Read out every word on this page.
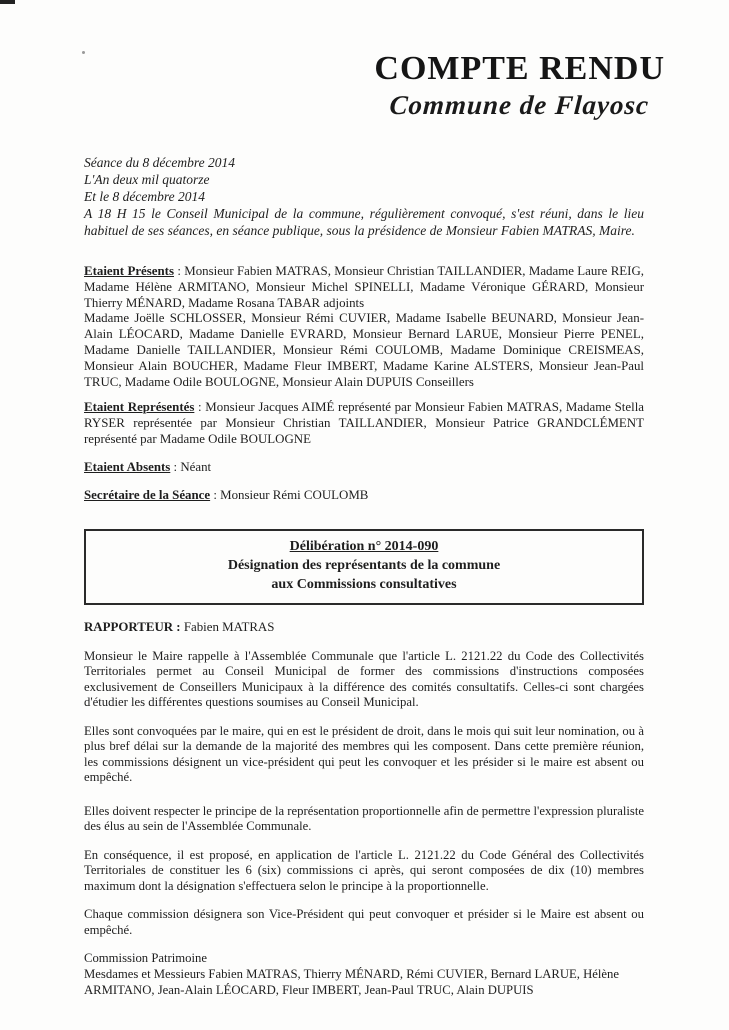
COMPTE RENDU
Commune de Flayosc
Séance du 8 décembre 2014
L'An deux mil quatorze
Et le 8 décembre 2014
A 18 H 15 le Conseil Municipal de la commune, régulièrement convoqué, s'est réuni, dans le lieu habituel de ses séances, en séance publique, sous la présidence de Monsieur Fabien MATRAS, Maire.

Etaient Présents : Monsieur Fabien MATRAS, Monsieur Christian TAILLANDIER, Madame Laure REIG, Madame Hélène ARMITANO, Monsieur Michel SPINELLI, Madame Véronique GÉRARD, Monsieur Thierry MÉNARD, Madame Rosana TABAR adjoints

Madame Joëlle SCHLOSSER, Monsieur Rémi CUVIER, Madame Isabelle BEUNARD, Monsieur Jean-Alain LÉOCARD, Madame Danielle EVRARD, Monsieur Bernard LARUE, Monsieur Pierre PENEL, Madame Danielle TAILLANDIER, Monsieur Rémi COULOMB, Madame Dominique CREISMEAS, Monsieur Alain BOUCHER, Madame Fleur IMBERT, Madame Karine ALSTERS, Monsieur Jean-Paul TRUC, Madame Odile BOULOGNE, Monsieur Alain DUPUIS Conseillers

Etaient Représentés : Monsieur Jacques AIMÉ représenté par Monsieur Fabien MATRAS, Madame Stella RYSER représentée par Monsieur Christian TAILLANDIER, Monsieur Patrice GRANDCLÉMENT représenté par Madame Odile BOULOGNE

Etaient Absents : Néant

Secrétaire de la Séance : Monsieur Rémi COULOMB

Délibération n° 2014-090
Désignation des représentants de la commune
aux Commissions consultatives

RAPPORTEUR : Fabien MATRAS

Monsieur le Maire rappelle à l'Assemblée Communale que l'article L. 2121.22 du Code des Collectivités Territoriales permet au Conseil Municipal de former des commissions d'instructions composées exclusivement de Conseillers Municipaux à la différence des comités consultatifs. Celles-ci sont chargées d'étudier les différentes questions soumises au Conseil Municipal.

Elles sont convoquées par le maire, qui en est le président de droit, dans le mois qui suit leur nomination, ou à plus bref délai sur la demande de la majorité des membres qui les composent. Dans cette première réunion, les commissions désignent un vice-président qui peut les convoquer et les présider si le maire est absent ou empêché.

Elles doivent respecter le principe de la représentation proportionnelle afin de permettre l'expression pluraliste des élus au sein de l'Assemblée Communale.

En conséquence, il est proposé, en application de l'article L. 2121.22 du Code Général des Collectivités Territoriales de constituer les 6 (six) commissions ci après, qui seront composées de dix (10) membres maximum dont la désignation s'effectuera selon le principe à la proportionnelle.

Chaque commission désignera son Vice-Président qui peut convoquer et présider si le Maire est absent ou empêché.

Commission Patrimoine

Mesdames et Messieurs Fabien MATRAS, Thierry MÉNARD, Rémi CUVIER, Bernard LARUE, Hélène ARMITANO, Jean-Alain LÉOCARD, Fleur IMBERT, Jean-Paul TRUC, Alain DUPUIS
